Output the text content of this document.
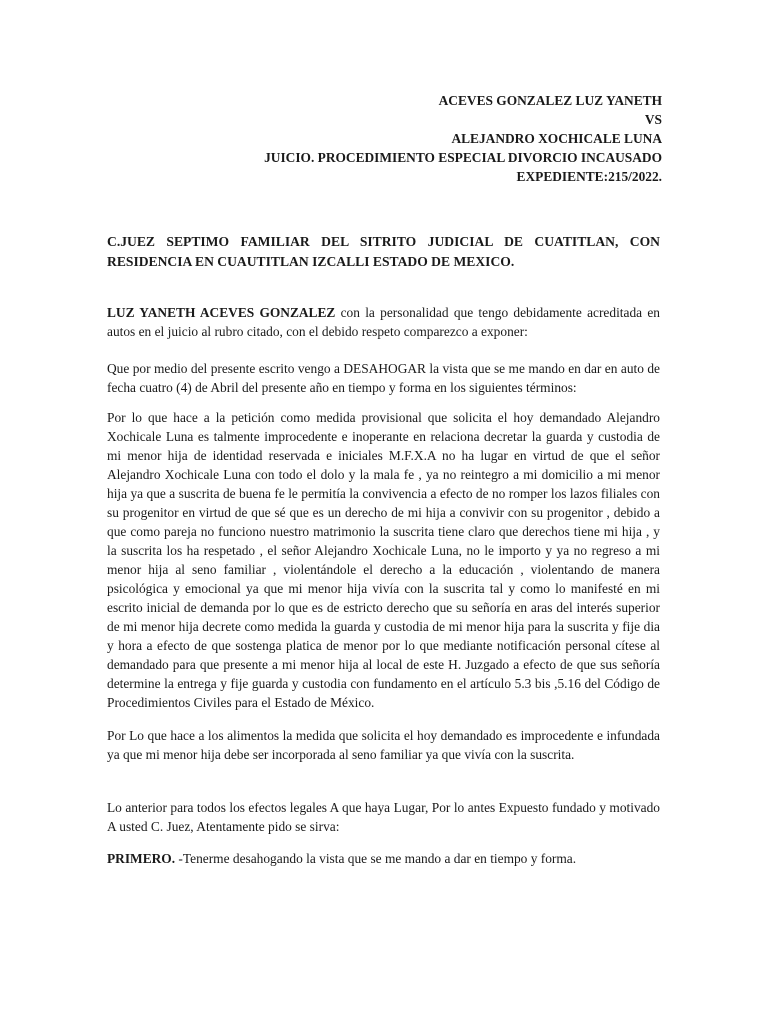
ACEVES GONZALEZ LUZ YANETH
VS
ALEJANDRO XOCHICALE LUNA
JUICIO. PROCEDIMIENTO ESPECIAL DIVORCIO INCAUSADO
EXPEDIENTE:215/2022.
C.JUEZ SEPTIMO FAMILIAR DEL SITRITO JUDICIAL DE CUATITLAN, CON RESIDENCIA EN CUAUTITLAN IZCALLI ESTADO DE MEXICO.

LUZ YANETH ACEVES GONZALEZ con la personalidad que tengo debidamente acreditada en autos en el juicio al rubro citado, con el debido respeto comparezco a exponer:

Que por medio del presente escrito vengo a DESAHOGAR la vista que se me mando en dar en auto de fecha cuatro (4) de Abril del presente año en tiempo y forma en los siguientes términos:

Por lo que hace a la petición como medida provisional que solicita el hoy demandado Alejandro Xochicale Luna es talmente improcedente e inoperante en relaciona decretar la guarda y custodia de mi menor hija de identidad reservada e iniciales M.F.X.A no ha lugar en virtud de que el señor Alejandro Xochicale Luna con todo el dolo y la mala fe , ya no reintegro a mi domicilio a mi menor hija ya que a suscrita de buena fe le permitía la convivencia a efecto de no romper los lazos filiales con su progenitor en virtud de que sé que es un derecho de mi hija a convivir con su progenitor , debido a que como pareja no funciono nuestro matrimonio la suscrita tiene claro que derechos tiene mi hija , y la suscrita los ha respetado , el señor Alejandro Xochicale Luna, no le importo y ya no regreso a mi menor hija al seno familiar , violentándole el derecho a la educación , violentando de manera psicológica y emocional ya que mi menor hija vivía con la suscrita tal y como lo manifesté en mi escrito inicial de demanda por lo que es de estricto derecho que su señoría en aras del interés superior de mi menor hija decrete como medida la guarda y custodia de mi menor hija para la suscrita y fije dia y hora a efecto de que sostenga platica de menor por lo que mediante notificación personal cítese al demandado para que presente a mi menor hija al local de este H. Juzgado a efecto de que sus señoría determine la entrega y fije guarda y custodia con fundamento en el artículo 5.3 bis ,5.16 del Código de Procedimientos Civiles para el Estado de México.

Por Lo que hace a los alimentos la medida que solicita el hoy demandado es improcedente e infundada ya que mi menor hija debe ser incorporada al seno familiar ya que vivía con la suscrita.

Lo anterior para todos los efectos legales A que haya Lugar, Por lo antes Expuesto fundado y motivado A usted C. Juez, Atentamente pido se sirva:

PRIMERO. -Tenerme desahogando la vista que se me mando a dar en tiempo y forma.
